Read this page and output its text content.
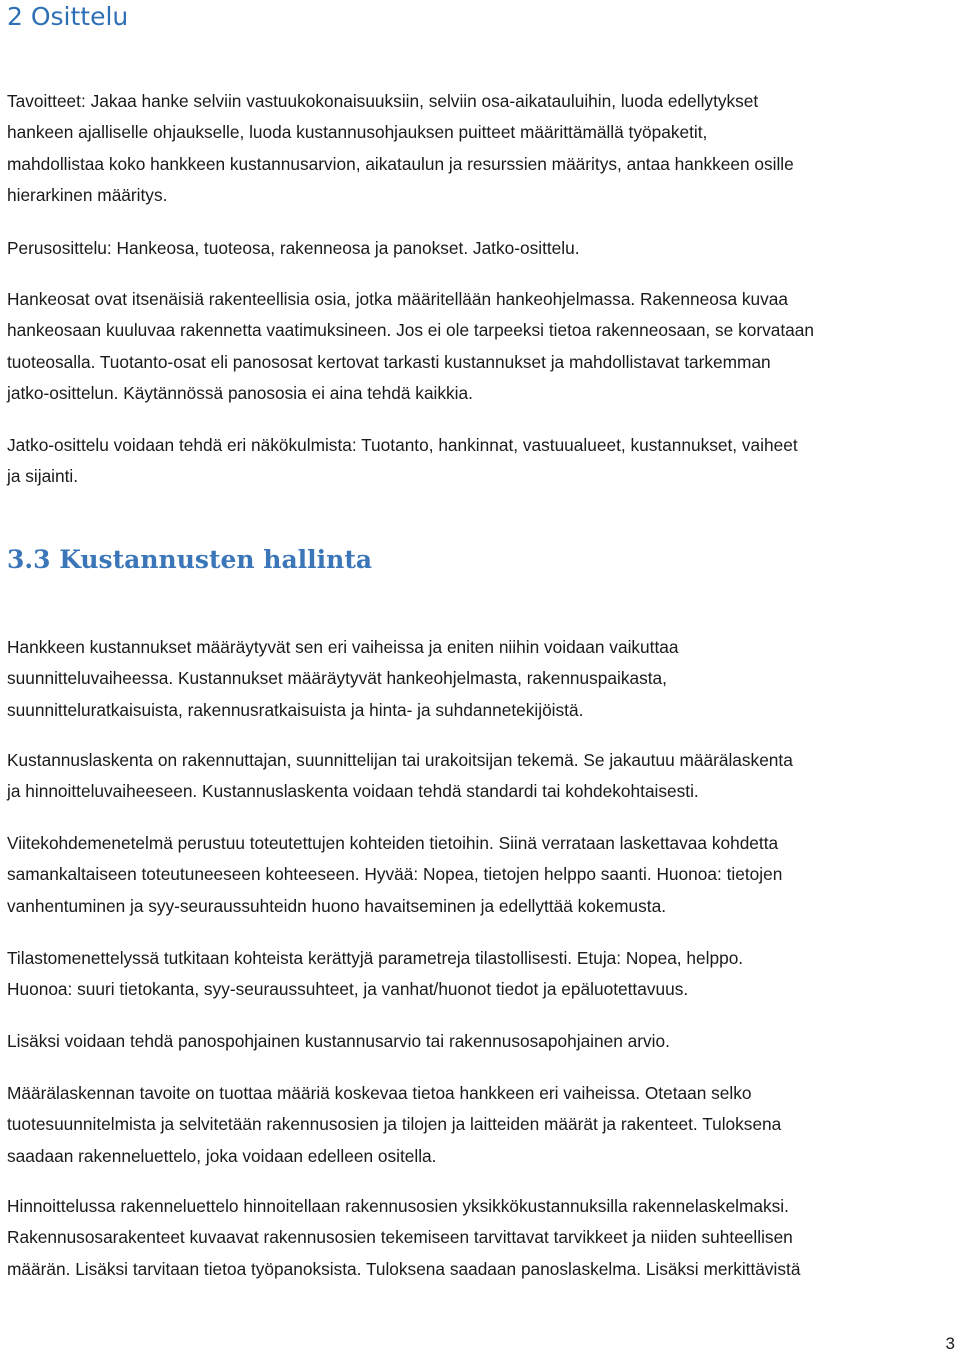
2 Osittelu

Tavoitteet: Jakaa hanke selviin vastuukokonaisuuksiin, selviin osa-aikatauluihin, luoda edellytykset
hankeen ajalliselle ohjaukselle, luoda kustannusohjauksen puitteet määrittämällä työpaketit,
mahdollistaa koko hankkeen kustannusarvion, aikataulun ja resurssien määritys, antaa hankkeen osille
hierarkinen määritys.

Perusosittelu: Hankeosa, tuoteosa, rakenneosa ja panokset. Jatko-osittelu.

Hankeosat ovat itsenäisiä rakenteellisia osia, jotka määritellään hankeohjelmassa. Rakenneosa kuvaa
hankeosaan kuuluvaa rakennetta vaatimuksineen. Jos ei ole tarpeeksi tietoa rakenneosaan, se korvataan
tuoteosalla. Tuotanto-osat eli panososat kertovat tarkasti kustannukset ja mahdollistavat tarkemman
jatko-osittelun. Käytännössä panososia ei aina tehdä kaikkia.

Jatko-osittelu voidaan tehdä eri näkökulmista: Tuotanto, hankinnat, vastuualueet, kustannukset, vaiheet
ja sijainti.

3.3 Kustannusten hallinta

Hankkeen kustannukset määräytyvät sen eri vaiheissa ja eniten niihin voidaan vaikuttaa
suunnitteluvaiheessa. Kustannukset määräytyvät hankeohjelmasta, rakennuspaikasta,
suunnitteluratkaisuista, rakennusratkaisuista ja hinta- ja suhdannetekijöistä.

Kustannuslaskenta on rakennuttajan, suunnittelijan tai urakoitsijan tekemä. Se jakautuu määrälaskenta
ja hinnoitteluvaiheeseen. Kustannuslaskenta voidaan tehdä standardi tai kohdekohtaisesti.

Viitekohdemenetelmä perustuu toteutettujen kohteiden tietoihin. Siinä verrataan laskettavaa kohdetta
samankaltaiseen toteutuneeseen kohteeseen. Hyvää: Nopea, tietojen helppo saanti. Huonoa: tietojen
vanhentuminen ja syy-seuraussuhteidn huono havaitseminen ja edellyttää kokemusta.

Tilastomenettelyssä tutkitaan kohteista kerättyjä parametreja tilastollisesti. Etuja: Nopea, helppo.
Huonoa: suuri tietokanta, syy-seuraussuhteet, ja vanhat/huonot tiedot ja epäluotettavuus.

Lisäksi voidaan tehdä panospohjainen kustannusarvio tai rakennusosapohjainen arvio.

Määrälaskennan tavoite on tuottaa määriä koskevaa tietoa hankkeen eri vaiheissa. Otetaan selko
tuotesuunnitelmista ja selvitetään rakennusosien ja tilojen ja laitteiden määrät ja rakenteet. Tuloksena
saadaan rakenneluettelo, joka voidaan edelleen ositella.

Hinnoittelussa rakenneluettelo hinnoitellaan rakennusosien yksikkökustannuksilla rakennelaskelmaksi.
Rakennusosarakenteet kuvaavat rakennusosien tekemiseen tarvittavat tarvikkeet ja niiden suhteellisen
määrän. Lisäksi tarvitaan tietoa työpanoksista. Tuloksena saadaan panoslaskelma. Lisäksi merkittävistä

3
